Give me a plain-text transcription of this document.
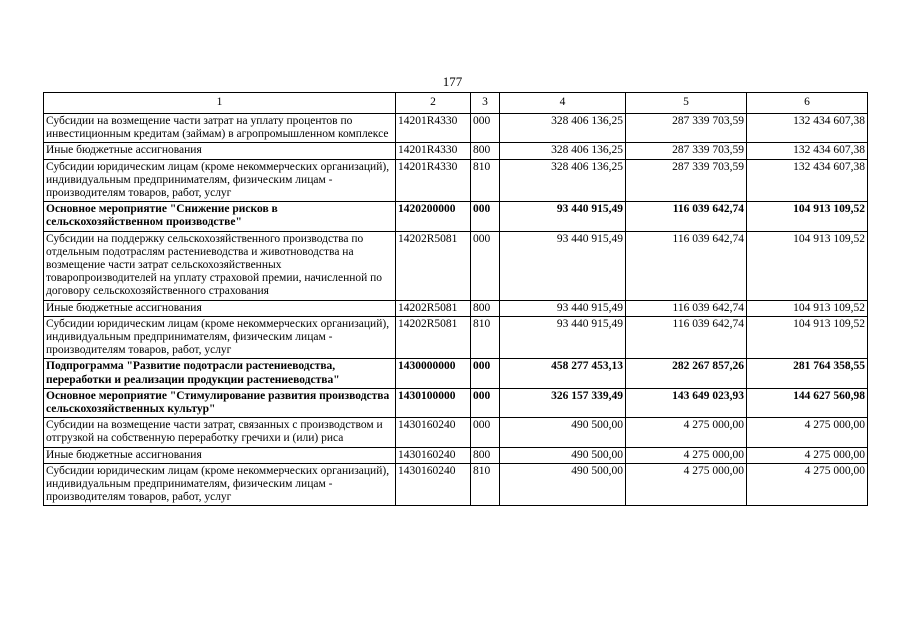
177
1	2	3	4	5	6
Субсидии на возмещение части затрат на уплату процентов по инвестиционным кредитам (займам) в агропромышленном комплексе	14201R4330	000	328 406 136,25	287 339 703,59	132 434 607,38
Иные бюджетные ассигнования	14201R4330	800	328 406 136,25	287 339 703,59	132 434 607,38
Субсидии юридическим лицам (кроме некоммерческих организаций), индивидуальным предпринимателям, физическим лицам - производителям товаров, работ, услуг	14201R4330	810	328 406 136,25	287 339 703,59	132 434 607,38
Основное мероприятие "Снижение рисков в сельскохозяйственном производстве"	1420200000	000	93 440 915,49	116 039 642,74	104 913 109,52
Субсидии на поддержку сельскохозяйственного производства по отдельным подотраслям растениеводства и животноводства на возмещение части затрат сельскохозяйственных товаропроизводителей на уплату страховой премии, начисленной по договору сельскохозяйственного страхования	14202R5081	000	93 440 915,49	116 039 642,74	104 913 109,52
Иные бюджетные ассигнования	14202R5081	800	93 440 915,49	116 039 642,74	104 913 109,52
Субсидии юридическим лицам (кроме некоммерческих организаций), индивидуальным предпринимателям, физическим лицам - производителям товаров, работ, услуг	14202R5081	810	93 440 915,49	116 039 642,74	104 913 109,52
Подпрограмма "Развитие подотрасли растениеводства, переработки и реализации продукции растениеводства"	1430000000	000	458 277 453,13	282 267 857,26	281 764 358,55
Основное мероприятие "Стимулирование развития производства сельскохозяйственных культур"	1430100000	000	326 157 339,49	143 649 023,93	144 627 560,98
Субсидии на возмещение части затрат, связанных с производством и отгрузкой на собственную переработку гречихи и (или) риса	1430160240	000	490 500,00	4 275 000,00	4 275 000,00
Иные бюджетные ассигнования	1430160240	800	490 500,00	4 275 000,00	4 275 000,00
Субсидии юридическим лицам (кроме некоммерческих организаций), индивидуальным предпринимателям, физическим лицам - производителям товаров, работ, услуг	1430160240	810	490 500,00	4 275 000,00	4 275 000,00
